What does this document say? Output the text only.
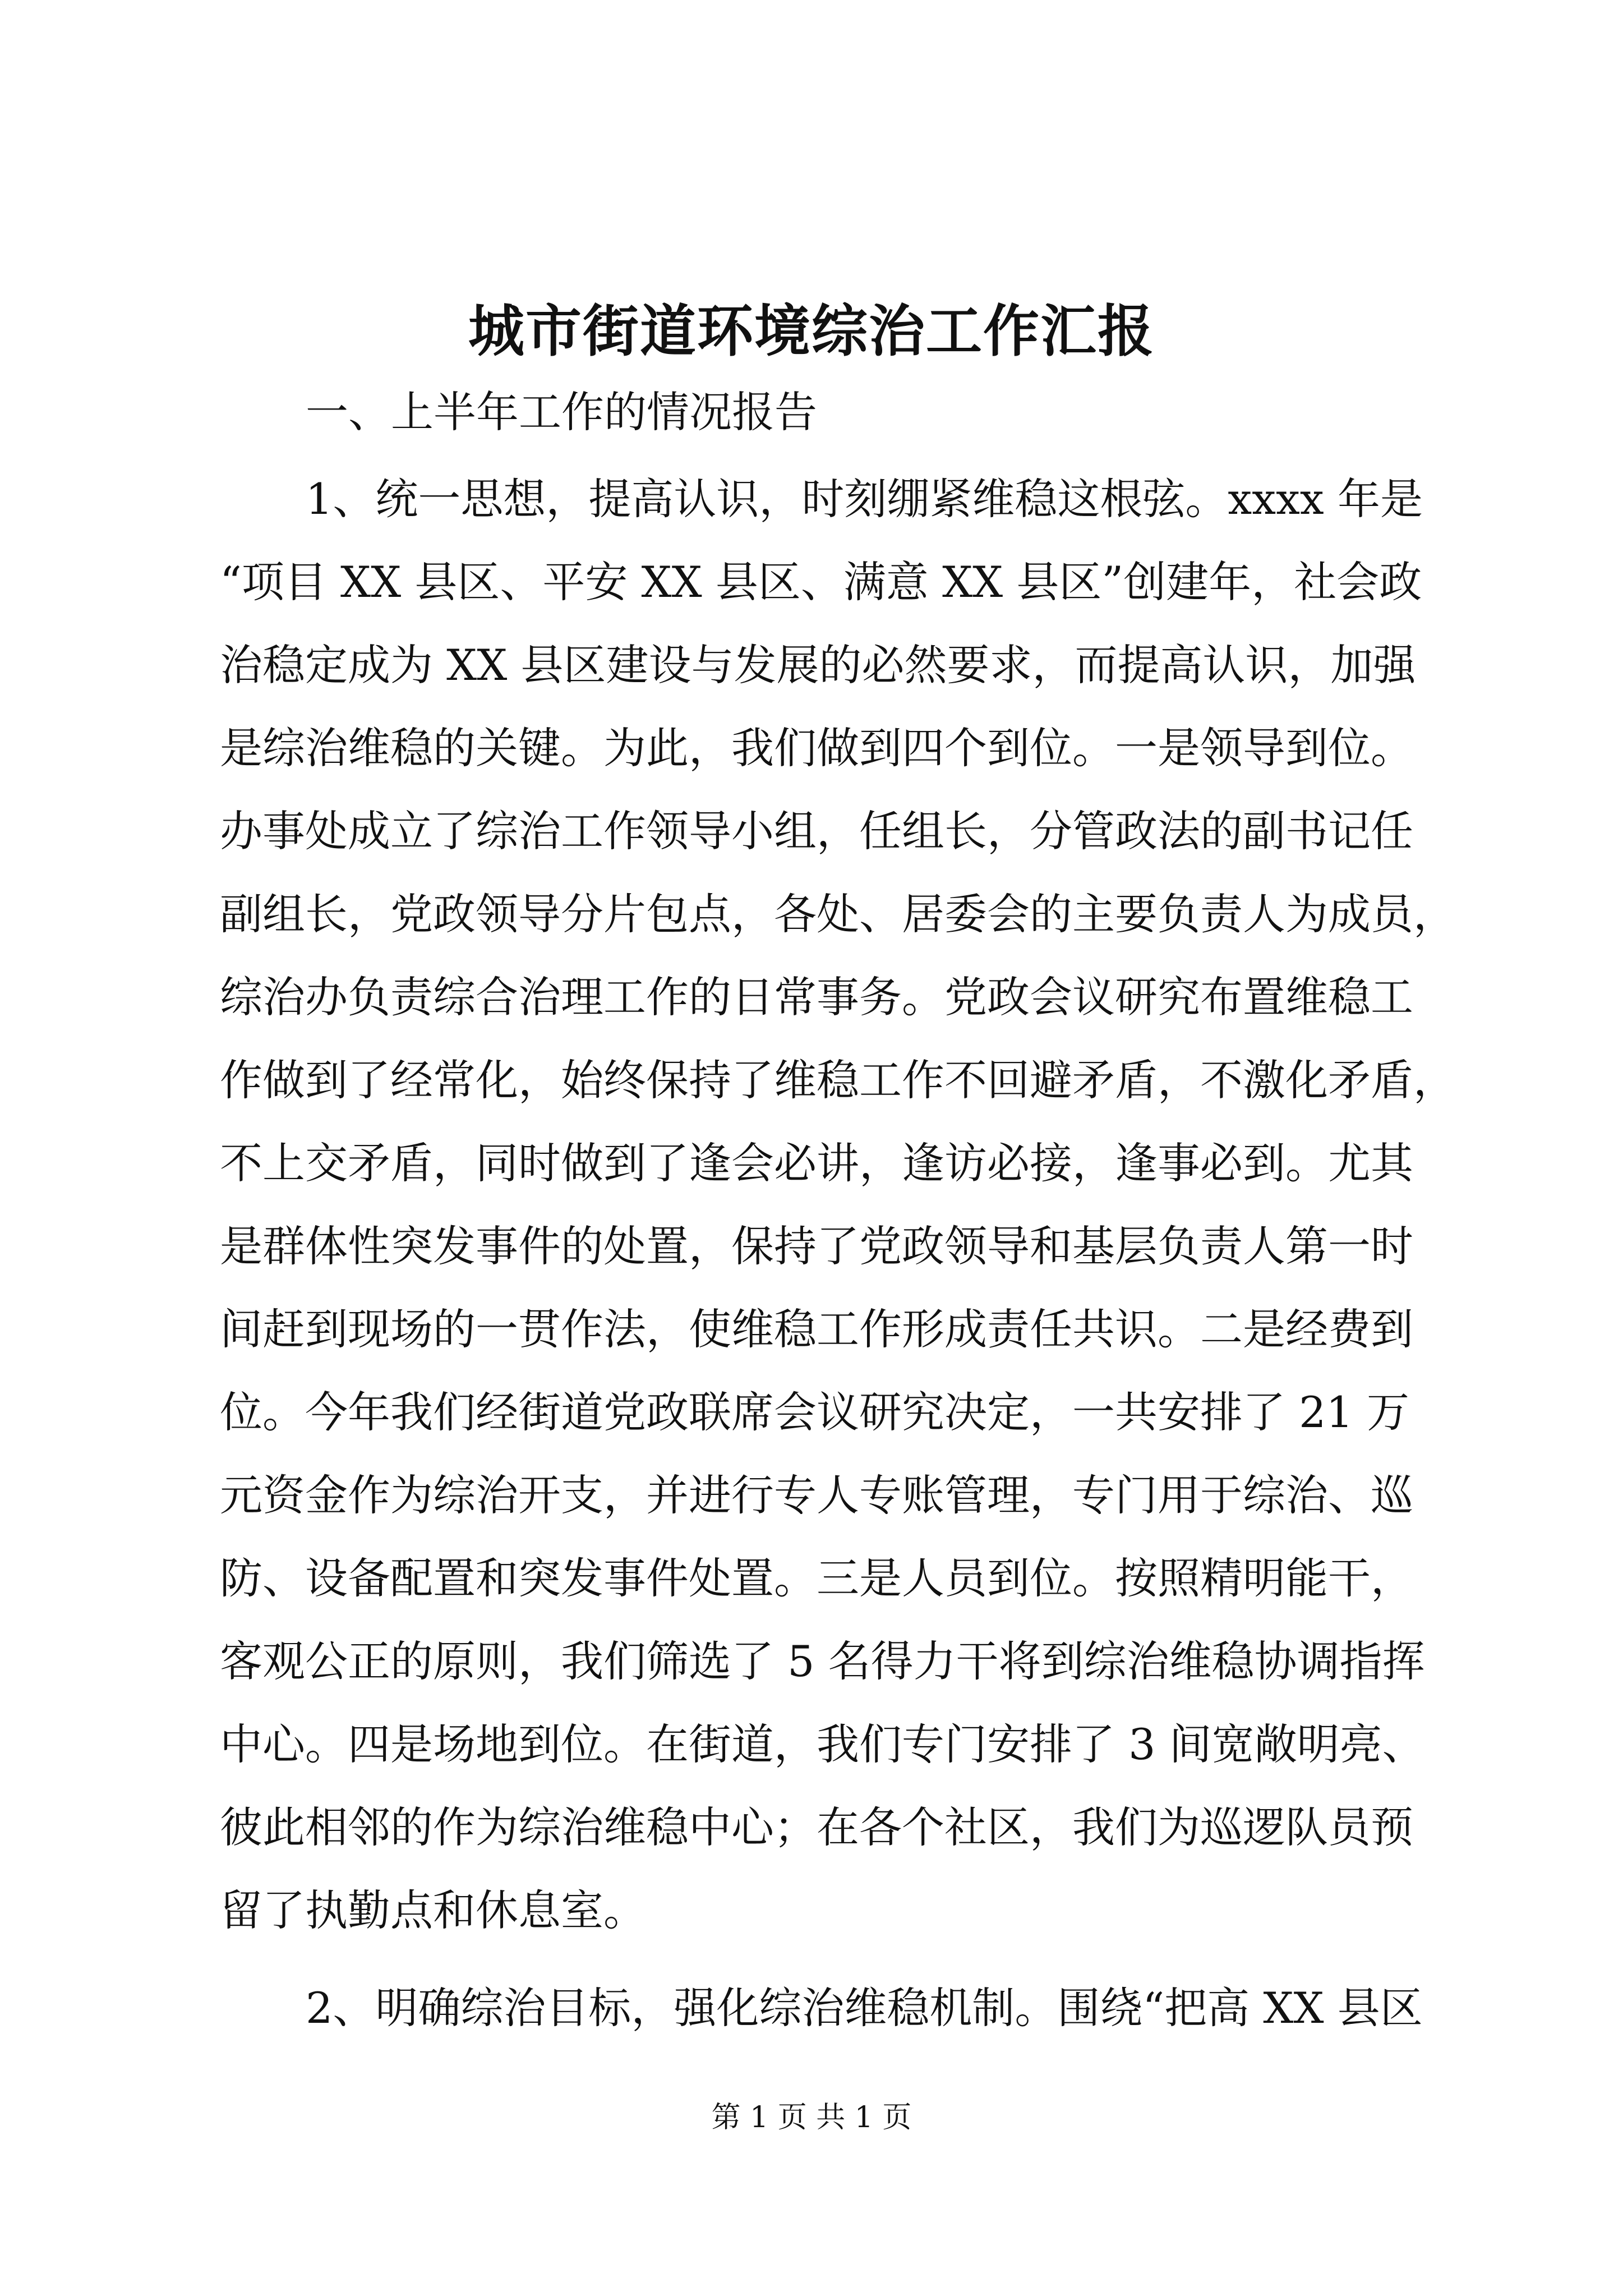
城市街道环境综治工作汇报
一、上半年工作的情况报告
1、统一思想，提高认识，时刻绷紧维稳这根弦。xxxx 年是
“项目 XX 县区、平安 XX 县区、满意 XX 县区”创建年，社会政
治稳定成为 XX 县区建设与发展的必然要求，而提高认识，加强
是综治维稳的关键。为此，我们做到四个到位。一是领导到位。
办事处成立了综治工作领导小组，任组长，分管政法的副书记任
副组长，党政领导分片包点，各处、居委会的主要负责人为成员，
综治办负责综合治理工作的日常事务。党政会议研究布置维稳工
作做到了经常化，始终保持了维稳工作不回避矛盾，不激化矛盾，
不上交矛盾，同时做到了逢会必讲，逢访必接，逢事必到。尤其
是群体性突发事件的处置，保持了党政领导和基层负责人第一时
间赶到现场的一贯作法，使维稳工作形成责任共识。二是经费到
位。今年我们经街道党政联席会议研究决定，一共安排了 21 万
元资金作为综治开支，并进行专人专账管理，专门用于综治、巡
防、设备配置和突发事件处置。三是人员到位。按照精明能干，
客观公正的原则，我们筛选了 5 名得力干将到综治维稳协调指挥
中心。四是场地到位。在街道，我们专门安排了 3 间宽敞明亮、
彼此相邻的作为综治维稳中心；在各个社区，我们为巡逻队员预
留了执勤点和休息室。
2、明确综治目标，强化综治维稳机制。围绕“把高 XX 县区
第 1 页 共 1 页
